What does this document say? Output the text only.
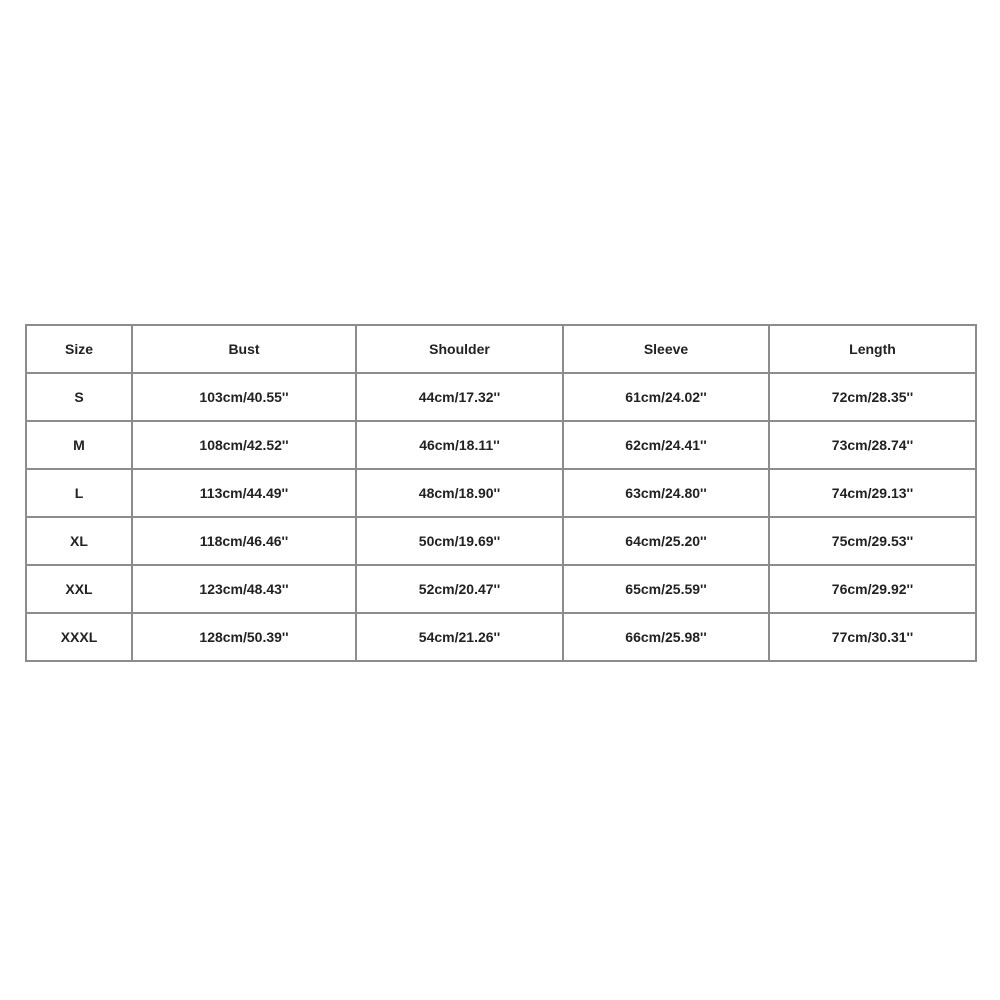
Size	Bust	Shoulder	Sleeve	Length
S	103cm/40.55''	44cm/17.32''	61cm/24.02''	72cm/28.35''
M	108cm/42.52''	46cm/18.11''	62cm/24.41''	73cm/28.74''
L	113cm/44.49''	48cm/18.90''	63cm/24.80''	74cm/29.13''
XL	118cm/46.46''	50cm/19.69''	64cm/25.20''	75cm/29.53''
XXL	123cm/48.43''	52cm/20.47''	65cm/25.59''	76cm/29.92''
XXXL	128cm/50.39''	54cm/21.26''	66cm/25.98''	77cm/30.31''
